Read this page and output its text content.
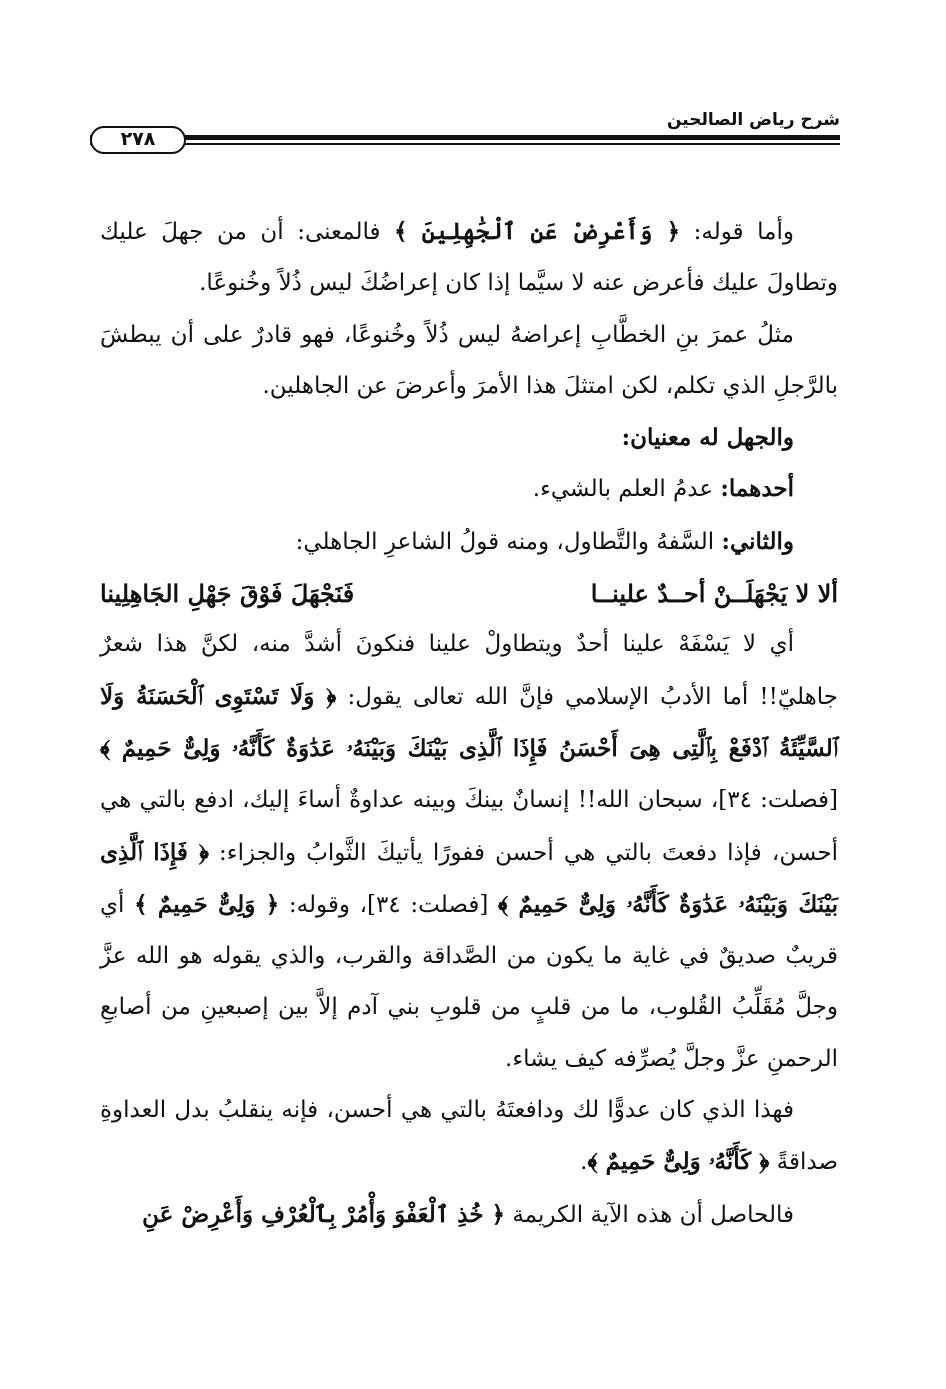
شرح رياض الصالحين
٢٧٨

وأما قوله: ﴿ وَأَعْرِضْ عَنِ ٱلْجَٰهِلِينَ ﴾ فالمعنى: أن من جهلَ عليك وتطاولَ عليك فأعرض عنه لا سيَّما إذا كان إعراضُكَ ليس ذُلاً وخُنوعًا.

مثلُ عمرَ بنِ الخطَّابِ إعراضهُ ليس ذُلاً وخُنوعًا، فهو قادرٌ على أن يبطشَ بالرَّجلِ الذي تكلم، لكن امتثلَ هذا الأمرَ وأعرضَ عن الجاهلين.

والجهل له معنيان:

أحدهما: عدمُ العلم بالشيء.

والثاني: السَّفهُ والتَّطاول، ومنه قولُ الشاعرِ الجاهلي:

ألا لا يَجْهَلَــنْ أحــدٌ علينــا
فَنَجْهَلَ فَوْقَ جَهْلِ الجَاهِلِينا

أي لا يَسْفَهْ علينا أحدٌ ويتطاولْ علينا فنكونَ أشدَّ منه، لكنَّ هذا شعرٌ جاهليّ!! أما الأدبُ الإسلامي فإنَّ الله تعالى يقول: ﴿ وَلَا تَسْتَوِى ٱلْحَسَنَةُ وَلَا ٱلسَّيِّئَةُ ٱدْفَعْ بِٱلَّتِى هِىَ أَحْسَنُ فَإِذَا ٱلَّذِى بَيْنَكَ وَبَيْنَهُۥ عَدَٰوَةٌ كَأَنَّهُۥ وَلِىٌّ حَمِيمٌ ﴾ [فصلت: ٣٤]، سبحان الله!! إنسانٌ بينكَ وبينه عداوةٌ أساءَ إليك، ادفع بالتي هي أحسن، فإذا دفعتَ بالتي هي أحسن ففورًا يأتيكَ الثَّوابُ والجزاء: ﴿ فَإِذَا ٱلَّذِى بَيْنَكَ وَبَيْنَهُۥ عَدَٰوَةٌ كَأَنَّهُۥ وَلِىٌّ حَمِيمٌ ﴾ [فصلت: ٣٤]، وقوله: ﴿ وَلِىٌّ حَمِيمٌ ﴾ أي قريبٌ صديقٌ في غاية ما يكون من الصَّداقة والقرب، والذي يقوله هو الله عزَّ وجلَّ مُقَلِّبُ القُلوب، ما من قلبٍ من قلوبِ بني آدم إلاَّ بين إصبعينِ من أصابعِ الرحمنِ عزَّ وجلَّ يُصرِّفه كيف يشاء.

فهذا الذي كان عدوًّا لك ودافعتَهُ بالتي هي أحسن، فإنه ينقلبُ بدل العداوةِ صداقةً ﴿ كَأَنَّهُۥ وَلِىٌّ حَمِيمٌ ﴾.

فالحاصل أن هذه الآية الكريمة ﴿ خُذِ ٱلْعَفْوَ وَأْمُرْ بِٱلْعُرْفِ وَأَعْرِضْ عَنِ
